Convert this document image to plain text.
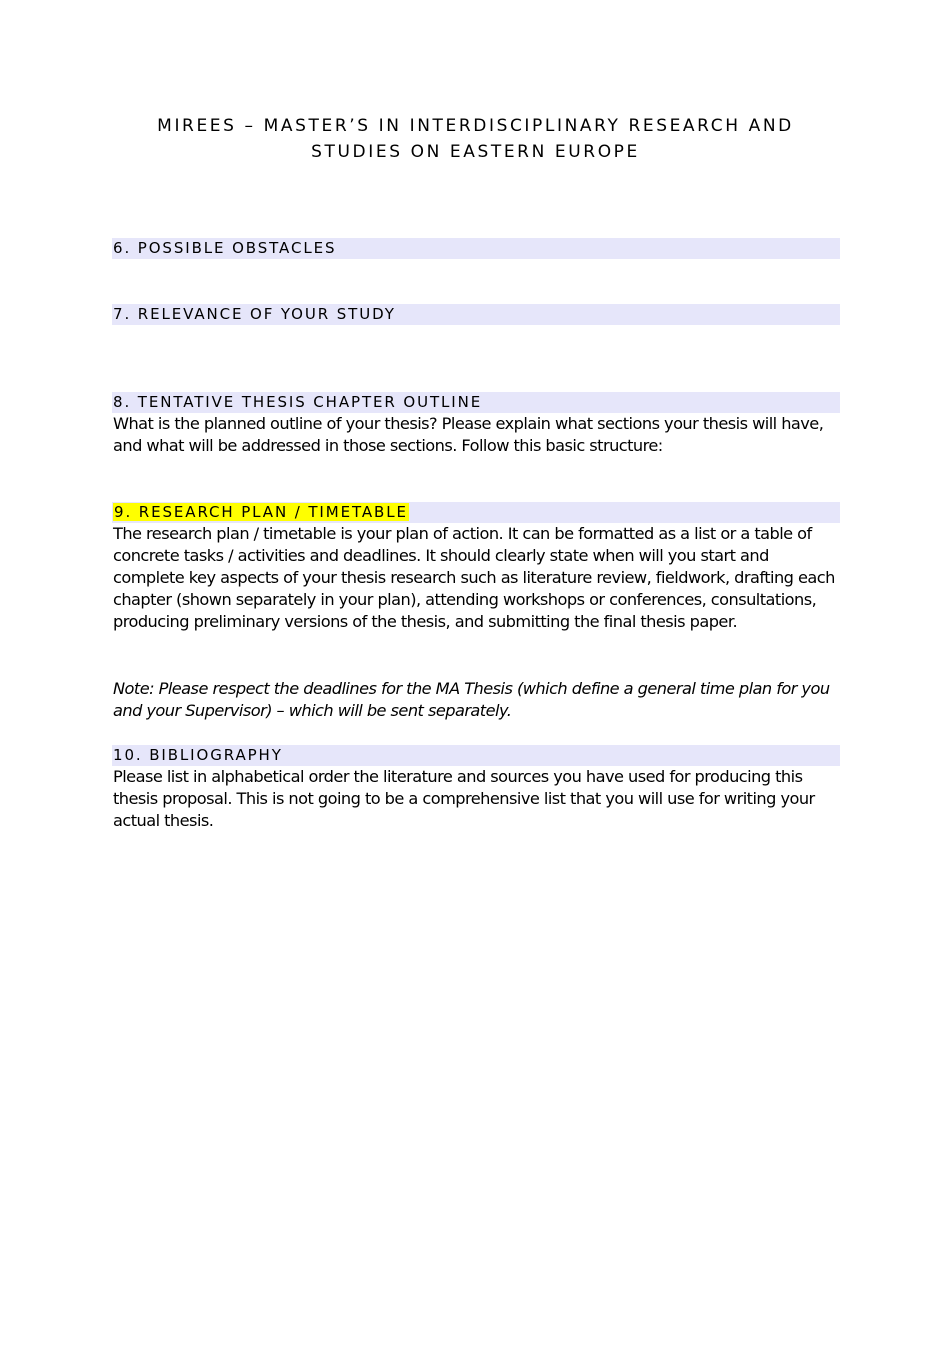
MIREES – MASTER’S IN INTERDISCIPLINARY RESEARCH AND
STUDIES ON EASTERN EUROPE
6. POSSIBLE OBSTACLES
7. RELEVANCE OF YOUR STUDY
8. TENTATIVE THESIS CHAPTER OUTLINE

What is the planned outline of your thesis? Please explain what sections your thesis will have, and what will be addressed in those sections. Follow this basic structure:

9. RESEARCH PLAN / TIMETABLE

The research plan / timetable is your plan of action. It can be formatted as a list or a table of concrete tasks / activities and deadlines. It should clearly state when will you start and complete key aspects of your thesis research such as literature review, fieldwork, drafting each chapter (shown separately in your plan), attending workshops or conferences, consultations, producing preliminary versions of the thesis, and submitting the final thesis paper.

Note: Please respect the deadlines for the MA Thesis (which define a general time plan for you and your Supervisor) – which will be sent separately.

10. BIBLIOGRAPHY

Please list in alphabetical order the literature and sources you have used for producing this thesis proposal. This is not going to be a comprehensive list that you will use for writing your actual thesis.
